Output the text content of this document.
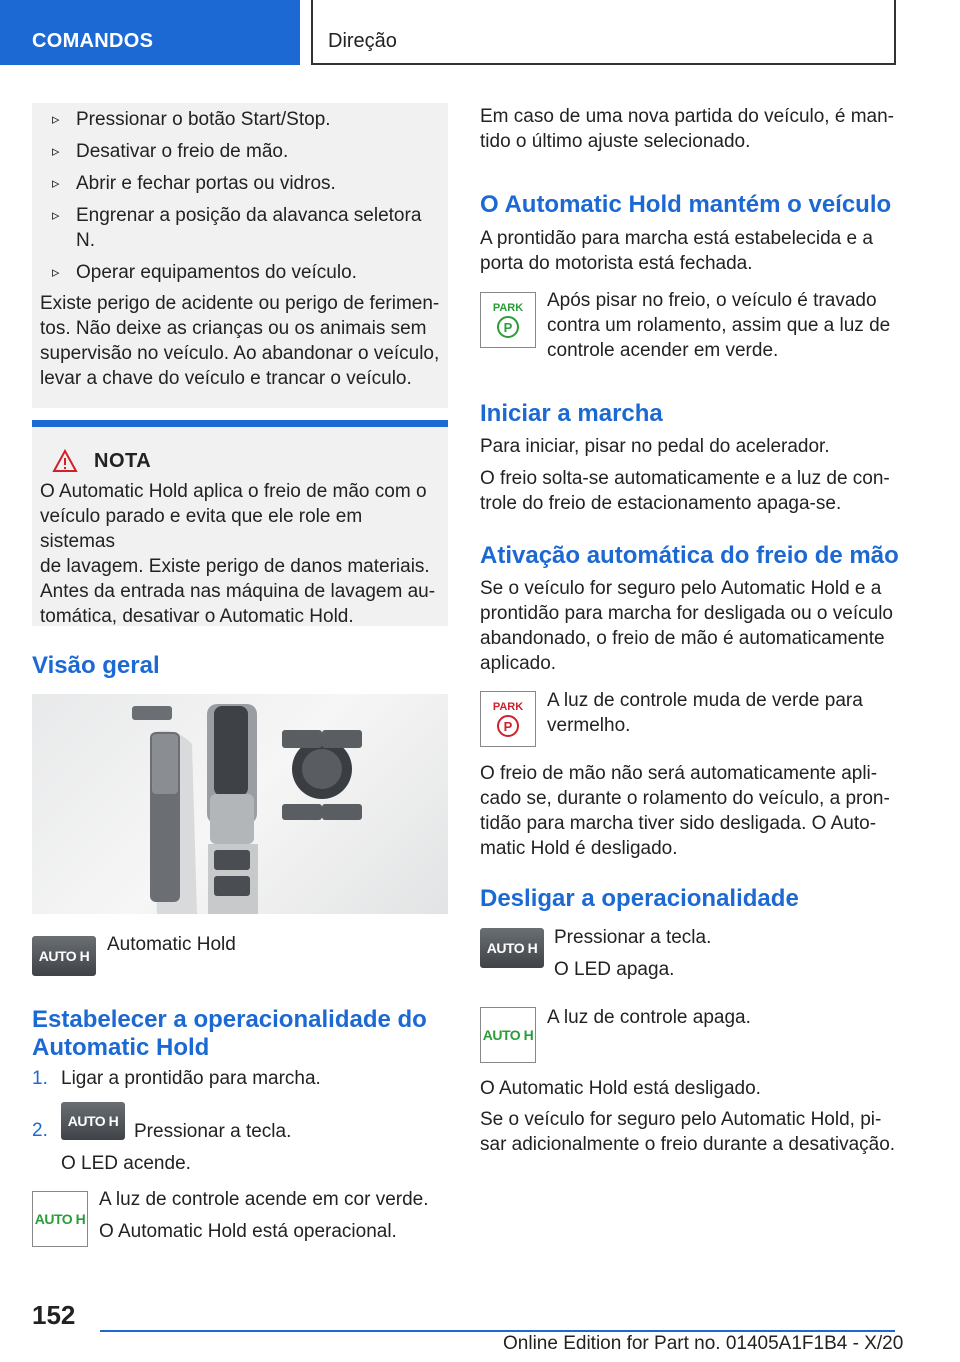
COMANDOS	Direção
▹ Pressionar o botão Start/Stop.
▹ Desativar o freio de mão.
▹ Abrir e fechar portas ou vidros.
▹ Engrenar a posição da alavanca seletora N.
▹ Operar equipamentos do veículo.
Existe perigo de acidente ou perigo de ferimen-
tos. Não deixe as crianças ou os animais sem
supervisão no veículo. Ao abandonar o veículo,
levar a chave do veículo e trancar o veículo.
NOTA
O Automatic Hold aplica o freio de mão com o
veículo parado e evita que ele role em sistemas
de lavagem. Existe perigo de danos materiais.
Antes da entrada nas máquina de lavagem au-
tomática, desativar o Automatic Hold.
Visão geral
AUTO H
Automatic Hold
Estabelecer a operacionalidade do
Automatic Hold
1. Ligar a prontidão para marcha.
2. AUTO H Pressionar a tecla.
O LED acende.
AUTO H
A luz de controle acende em cor verde.
O Automatic Hold está operacional.
Em caso de uma nova partida do veículo, é man-
tido o último ajuste selecionado.
O Automatic Hold mantém o veículo
A prontidão para marcha está estabelecida e a
porta do motorista está fechada.
PARK
P
Após pisar no freio, o veículo é travado
contra um rolamento, assim que a luz de
controle acender em verde.
Iniciar a marcha
Para iniciar, pisar no pedal do acelerador.
O freio solta-se automaticamente e a luz de con-
trole do freio de estacionamento apaga-se.
Ativação automática do freio de mão
Se o veículo for seguro pelo Automatic Hold e a
prontidão para marcha for desligada ou o veículo
abandonado, o freio de mão é automaticamente
aplicado.
PARK
P
A luz de controle muda de verde para
vermelho.
O freio de mão não será automaticamente apli-
cado se, durante o rolamento do veículo, a pron-
tidão para marcha tiver sido desligada. O Auto-
matic Hold é desligado.
Desligar a operacionalidade
AUTO H Pressionar a tecla.
O LED apaga.
AUTO H
A luz de controle apaga.
O Automatic Hold está desligado.
Se o veículo for seguro pelo Automatic Hold, pi-
sar adicionalmente o freio durante a desativação.
152
Online Edition for Part no. 01405A1F1B4 - X/20
